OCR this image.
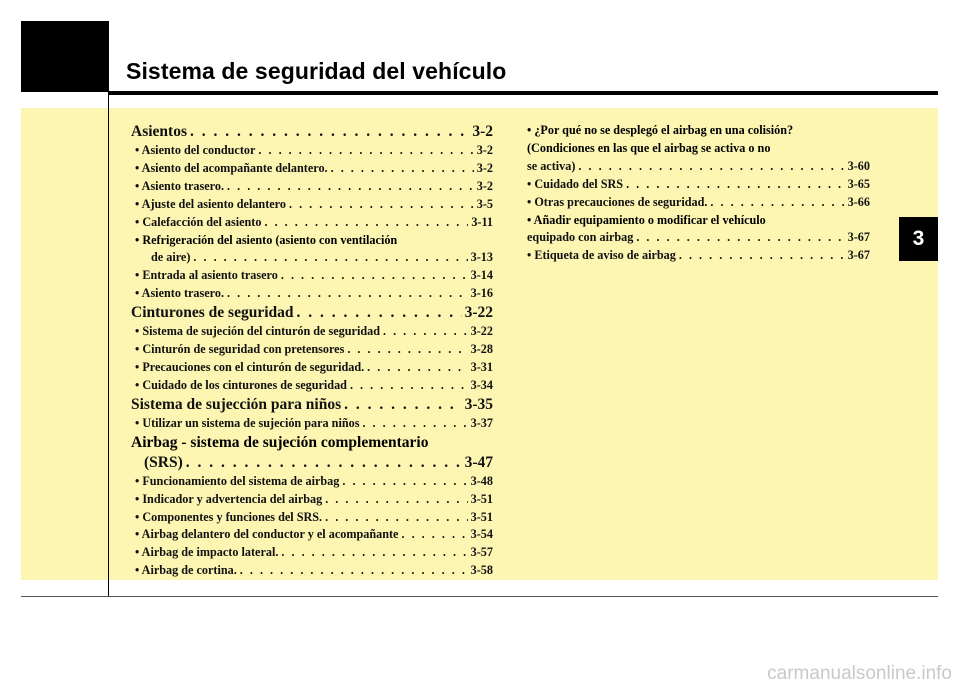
Sistema de seguridad del vehículo
3
carmanualsonline.info
Asientos . . .	3-2
• Asiento del conductor . . .	3-2
• Asiento del acompañante delantero. . . .	3-2
• Asiento trasero. . . .	3-2
• Ajuste del asiento delantero . . .	3-5
• Calefacción del asiento . . .	3-11
• Refrigeración del asiento (asiento con ventilación
de aire) . . .	3-13
• Entrada al asiento trasero . . .	3-14
• Asiento trasero. . . .	3-16
Cinturones de seguridad . . .	3-22
• Sistema de sujeción del cinturón de seguridad . . .	3-22
• Cinturón de seguridad con pretensores . . .	3-28
• Precauciones con el cinturón de seguridad. . . .	3-31
• Cuidado de los cinturones de seguridad . . .	3-34
Sistema de sujección para niños . . .	3-35
• Utilizar un sistema de sujeción para niños . . .	3-37
Airbag - sistema de sujeción complementario
(SRS) . . .	3-47
• Funcionamiento del sistema de airbag . . .	3-48
• Indicador y advertencia del airbag . . .	3-51
• Componentes y funciones del SRS. . . .	3-51
• Airbag delantero del conductor y el acompañante . . .	3-54
• Airbag de impacto lateral. . . .	3-57
• Airbag de cortina. . . .	3-58
• ¿Por qué no se desplegó el airbag en una colisión?
(Condiciones en las que el airbag se activa o no
se activa) . . .	3-60
• Cuidado del SRS . . .	3-65
• Otras precauciones de seguridad. . . .	3-66
• Añadir equipamiento o modificar el vehículo
equipado con airbag . . .	3-67
• Etiqueta de aviso de airbag . . .	3-67
